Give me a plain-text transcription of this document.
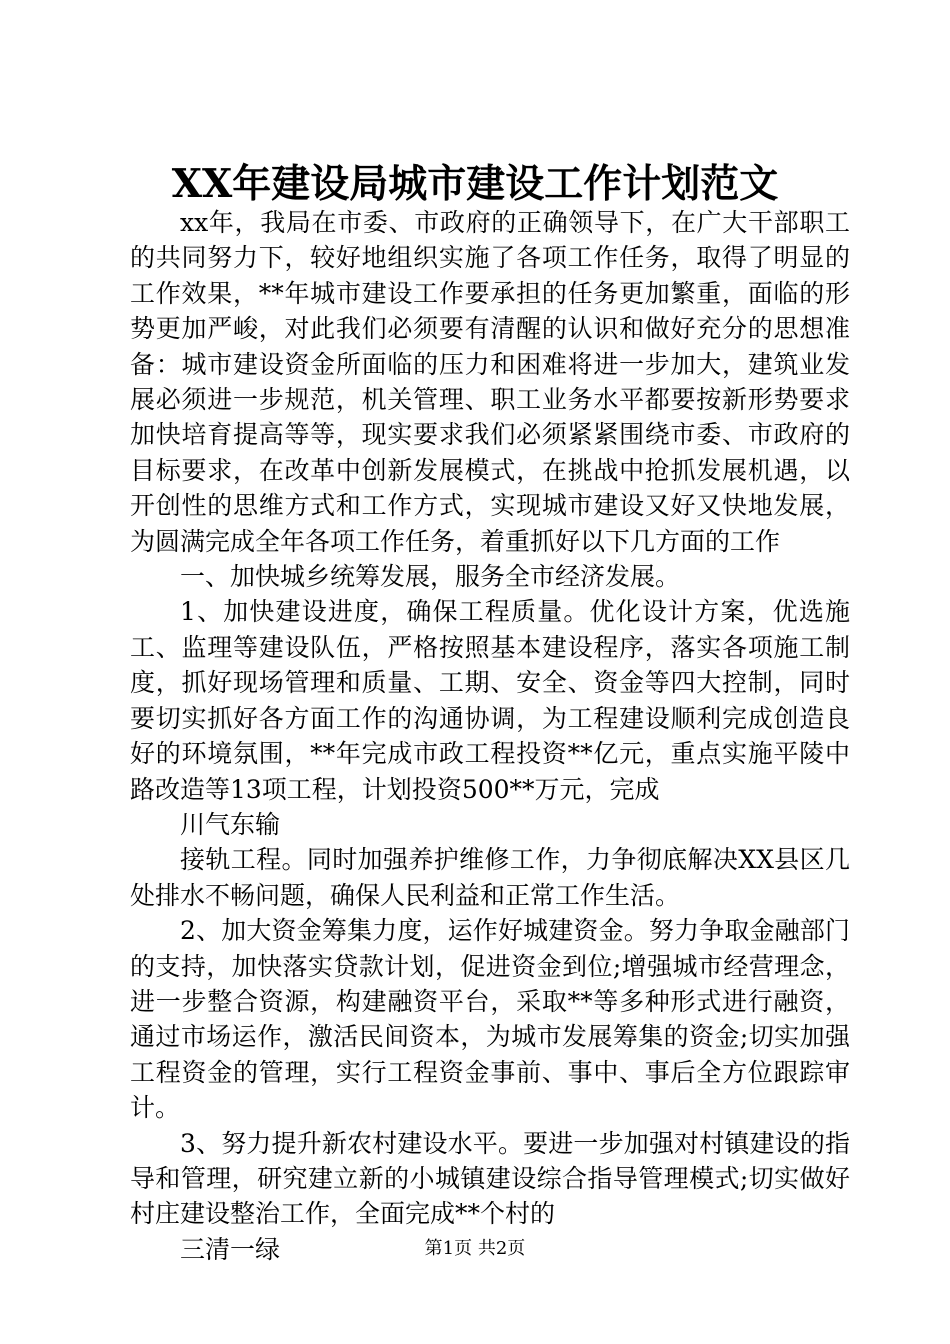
XX年建设局城市建设工作计划范文

xx年，我局在市委、市政府的正确领导下，在广大干部职工的共同努力下，较好地组织实施了各项工作任务，取得了明显的工作效果，**年城市建设工作要承担的任务更加繁重，面临的形势更加严峻，对此我们必须要有清醒的认识和做好充分的思想准备：城市建设资金所面临的压力和困难将进一步加大，建筑业发展必须进一步规范，机关管理、职工业务水平都要按新形势要求加快培育提高等等，现实要求我们必须紧紧围绕市委、市政府的目标要求，在改革中创新发展模式，在挑战中抢抓发展机遇，以开创性的思维方式和工作方式，实现城市建设又好又快地发展，为圆满完成全年各项工作任务，着重抓好以下几方面的工作

一、加快城乡统筹发展，服务全市经济发展。

1、加快建设进度，确保工程质量。优化设计方案，优选施工、监理等建设队伍，严格按照基本建设程序，落实各项施工制度，抓好现场管理和质量、工期、安全、资金等四大控制，同时要切实抓好各方面工作的沟通协调，为工程建设顺利完成创造良好的环境氛围，**年完成市政工程投资**亿元，重点实施平陵中路改造等13项工程，计划投资500**万元，完成

川气东输

接轨工程。同时加强养护维修工作，力争彻底解决XX县区几处排水不畅问题，确保人民利益和正常工作生活。

2、加大资金筹集力度，运作好城建资金。努力争取金融部门的支持，加快落实贷款计划，促进资金到位;增强城市经营理念，进一步整合资源，构建融资平台，采取**等多种形式进行融资，通过市场运作，激活民间资本，为城市发展筹集的资金;切实加强工程资金的管理，实行工程资金事前、事中、事后全方位跟踪审计。

3、努力提升新农村建设水平。要进一步加强对村镇建设的指导和管理，研究建立新的小城镇建设综合指导管理模式;切实做好村庄建设整治工作，全面完成**个村的

三清一绿	第1页 共2页
